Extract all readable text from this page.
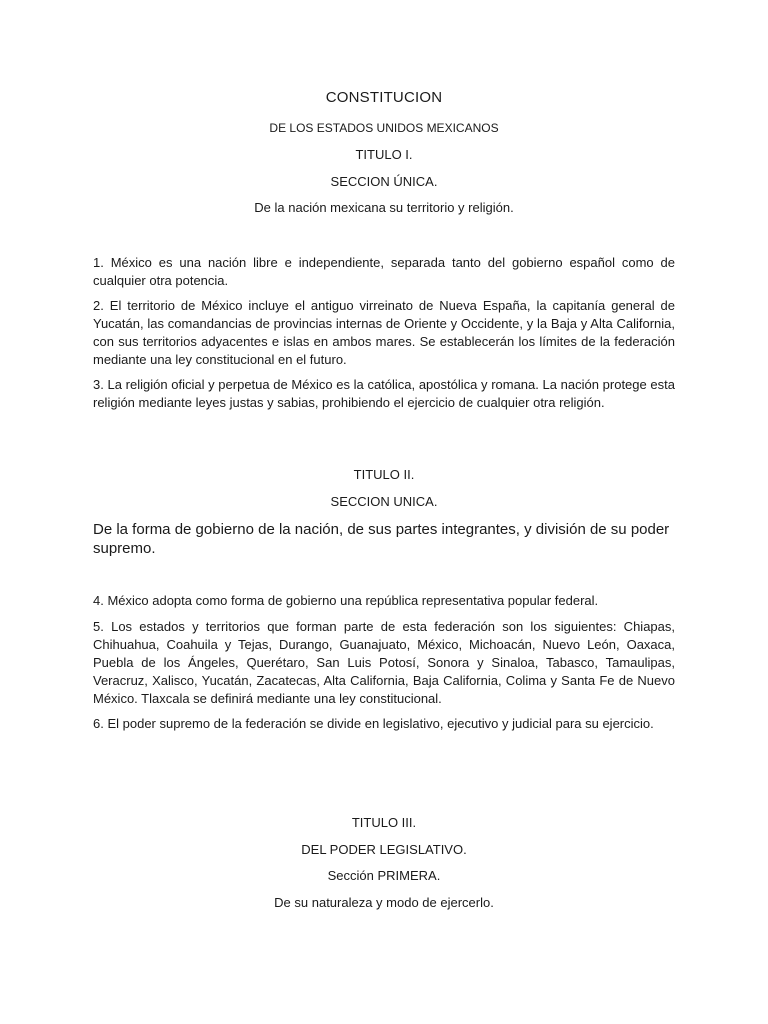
CONSTITUCION
DE LOS ESTADOS UNIDOS MEXICANOS
TITULO I.
SECCION ÚNICA.

De la nación mexicana su territorio y religión.

1. México es una nación libre e independiente, separada tanto del gobierno español como de cualquier otra potencia.

2. El territorio de México incluye el antiguo virreinato de Nueva España, la capitanía general de Yucatán, las comandancias de provincias internas de Oriente y Occidente, y la Baja y Alta California, con sus territorios adyacentes e islas en ambos mares. Se establecerán los límites de la federación mediante una ley constitucional en el futuro.

3. La religión oficial y perpetua de México es la católica, apostólica y romana. La nación protege esta religión mediante leyes justas y sabias, prohibiendo el ejercicio de cualquier otra religión.

TITULO II.
SECCION UNICA.

De la forma de gobierno de la nación, de sus partes integrantes, y división de su poder supremo.

4. México adopta como forma de gobierno una república representativa popular federal.

5. Los estados y territorios que forman parte de esta federación son los siguientes: Chiapas, Chihuahua, Coahuila y Tejas, Durango, Guanajuato, México, Michoacán, Nuevo León, Oaxaca, Puebla de los Ángeles, Querétaro, San Luis Potosí, Sonora y Sinaloa, Tabasco, Tamaulipas, Veracruz, Xalisco, Yucatán, Zacatecas, Alta California, Baja California, Colima y Santa Fe de Nuevo México. Tlaxcala se definirá mediante una ley constitucional.

6. El poder supremo de la federación se divide en legislativo, ejecutivo y judicial para su ejercicio.

TITULO III.
DEL PODER LEGISLATIVO.
Sección PRIMERA.

De su naturaleza y modo de ejercerlo.
